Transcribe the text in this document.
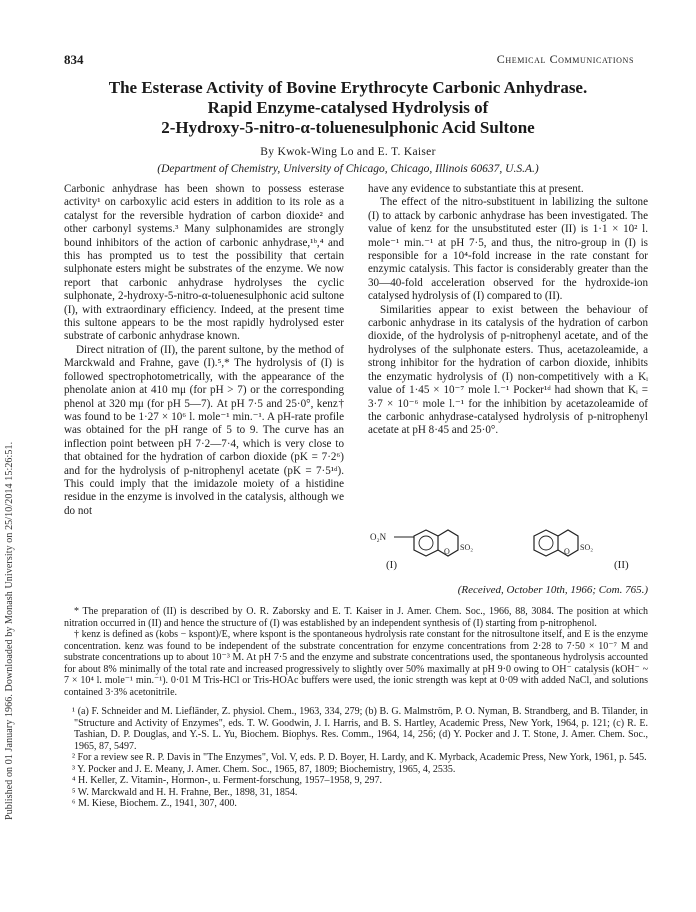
Published on 01 January 1966. Downloaded by Monash University on 25/10/2014 15:26:51.
834	Chemical Communications
The Esterase Activity of Bovine Erythrocyte Carbonic Anhydrase.
Rapid Enzyme-catalysed Hydrolysis of
2-Hydroxy-5-nitro-α-toluenesulphonic Acid Sultone
By Kwok-Wing Lo and E. T. Kaiser
(Department of Chemistry, University of Chicago, Chicago, Illinois 60637, U.S.A.)

Carbonic anhydrase has been shown to possess esterase activity¹ on carboxylic acid esters in addition to its role as a catalyst for the reversible hydration of carbon dioxide² and other carbonyl systems.³ Many sulphonamides are strongly bound inhibitors of the action of carbonic anhydrase,¹ᵇ,⁴ and this has prompted us to test the possibility that certain sulphonate esters might be substrates of the enzyme. We now report that carbonic anhydrase hydrolyses the cyclic sulphonate, 2-hydroxy-5-nitro-α-toluenesulphonic acid sultone (I), with extraordinary efficiency. Indeed, at the present time this sultone appears to be the most rapidly hydrolysed ester substrate of carbonic anhydrase known.

Direct nitration of (II), the parent sultone, by the method of Marckwald and Frahne, gave (I).⁵,* The hydrolysis of (I) is followed spectrophotometrically, with the appearance of the phenolate anion at 410 mμ (for pH > 7) or the corresponding phenol at 320 mμ (for pH 5—7). At pH 7·5 and 25·0°, kenz† was found to be 1·27 × 10⁶ l. mole⁻¹ min.⁻¹. A pH-rate profile was obtained for the pH range of 5 to 9. The curve has an inflection point between pH 7·2—7·4, which is very close to that obtained for the hydration of carbon dioxide (pK = 7·2⁶) and for the hydrolysis of p-nitrophenyl acetate (pK = 7·5¹ᵈ). This could imply that the imidazole moiety of a histidine residue in the enzyme is involved in the catalysis, although we do not

have any evidence to substantiate this at present.

The effect of the nitro-substituent in labilizing the sultone (I) to attack by carbonic anhydrase has been investigated. The value of kenz for the unsubstituted ester (II) is 1·1 × 10² l. mole⁻¹ min.⁻¹ at pH 7·5, and thus, the nitro-group in (I) is responsible for a 10⁴-fold increase in the rate constant for enzymic catalysis. This factor is considerably greater than the 30—40-fold acceleration observed for the hydroxide-ion catalysed hydrolysis of (I) compared to (II).

Similarities appear to exist between the behaviour of carbonic anhydrase in its catalysis of the hydration of carbon dioxide, of the hydrolysis of p-nitrophenyl acetate, and of the hydrolyses of the sulphonate esters. Thus, acetazoleamide, a strong inhibitor for the hydration of carbon dioxide, inhibits the enzymatic hydrolysis of (I) non-competitively with a Kᵢ value of 1·45 × 10⁻⁷ mole l.⁻¹ Pocker¹ᵈ had shown that Kᵢ = 3·7 × 10⁻⁶ mole l.⁻¹ for the inhibition by acetazoleamide of the carbonic anhydrase-catalysed hydrolysis of p-nitrophenyl acetate at pH 8·45 and 25·0°.

O₂N
O SO₂
(I)
O SO₂
(II)
(Received, October 10th, 1966; Com. 765.)

* The preparation of (II) is described by O. R. Zaborsky and E. T. Kaiser in J. Amer. Chem. Soc., 1966, 88, 3084. The position at which nitration occurred in (II) and hence the structure of (I) was established by an independent synthesis of (I) starting from p-nitrophenol.

† kenz is defined as (kobs − kspont)/E, where kspont is the spontaneous hydrolysis rate constant for the nitrosultone itself, and E is the enzyme concentration. kenz was found to be independent of the substrate concentration for enzyme concentrations from 2·28 to 7·50 × 10⁻⁷ M and substrate concentrations up to about 10⁻³ M. At pH 7·5 and the enzyme and substrate concentrations used, the spontaneous hydrolysis accounted for about 8% minimally of the total rate and increased progressively to slightly over 50% maximally at pH 9·0 owing to OH⁻ catalysis (kOH⁻ ~ 7 × 10⁴ l. mole⁻¹ min.⁻¹). 0·01 M Tris-HCl or Tris-HOAc buffers were used, the ionic strength was kept at 0·09 with added NaCl, and solutions contained 3·3% acetonitrile.

¹ (a) F. Schneider and M. Liefländer, Z. physiol. Chem., 1963, 334, 279; (b) B. G. Malmström, P. O. Nyman, B. Strandberg, and B. Tilander, in "Structure and Activity of Enzymes", eds. T. W. Goodwin, J. I. Harris, and B. S. Hartley, Academic Press, New York, 1964, p. 121; (c) R. E. Tashian, D. P. Douglas, and Y.-S. L. Yu, Biochem. Biophys. Res. Comm., 1964, 14, 256; (d) Y. Pocker and J. T. Stone, J. Amer. Chem. Soc., 1965, 87, 5497.

² For a review see R. P. Davis in "The Enzymes", Vol. V, eds. P. D. Boyer, H. Lardy, and K. Myrback, Academic Press, New York, 1961, p. 545.

³ Y. Pocker and J. E. Meany, J. Amer. Chem. Soc., 1965, 87, 1809; Biochemistry, 1965, 4, 2535.

⁴ H. Keller, Z. Vitamin-, Hormon-, u. Ferment-forschung, 1957–1958, 9, 297.

⁵ W. Marckwald and H. H. Frahne, Ber., 1898, 31, 1854.

⁶ M. Kiese, Biochem. Z., 1941, 307, 400.
